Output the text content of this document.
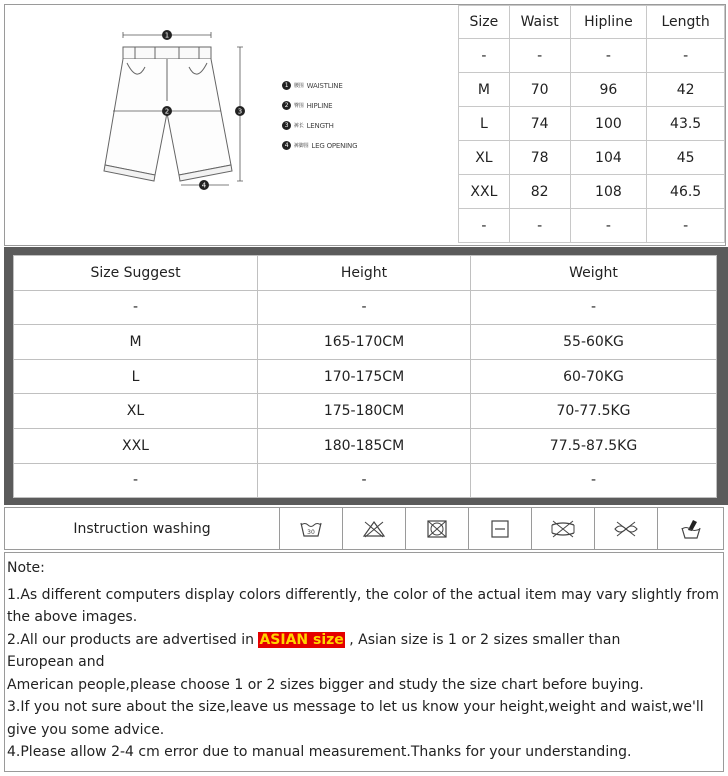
1
2	3
4
1	腰围 WAISTLINE
2	臀围 HIPLINE
3	裤长 LENGTH
4	裤脚围 LEG OPENING
Size	Waist	Hipline	Length
-	-	-	-
M	70	96	42
L	74	100	43.5
XL	78	104	45
XXL	82	108	46.5
-	-	-	-
Size Suggest	Height	Weight
-	-	-
M	165-170CM	55-60KG
L	170-175CM	60-70KG
XL	175-180CM	70-77.5KG
XXL	180-185CM	77.5-87.5KG
-	-	-
Instruction washing	30

Note:

1.As different computers display colors differently, the color of the actual item may vary slightly from the above images.

2.All our products are advertised in ASIAN size , Asian size is 1 or 2 sizes smaller than

European and

American people,please choose 1 or 2 sizes bigger and study the size chart before buying.

3.If you not sure about the size,leave us message to let us know your height,weight and waist,we'll give you some advice.

4.Please allow 2-4 cm error due to manual measurement.Thanks for your understanding.
